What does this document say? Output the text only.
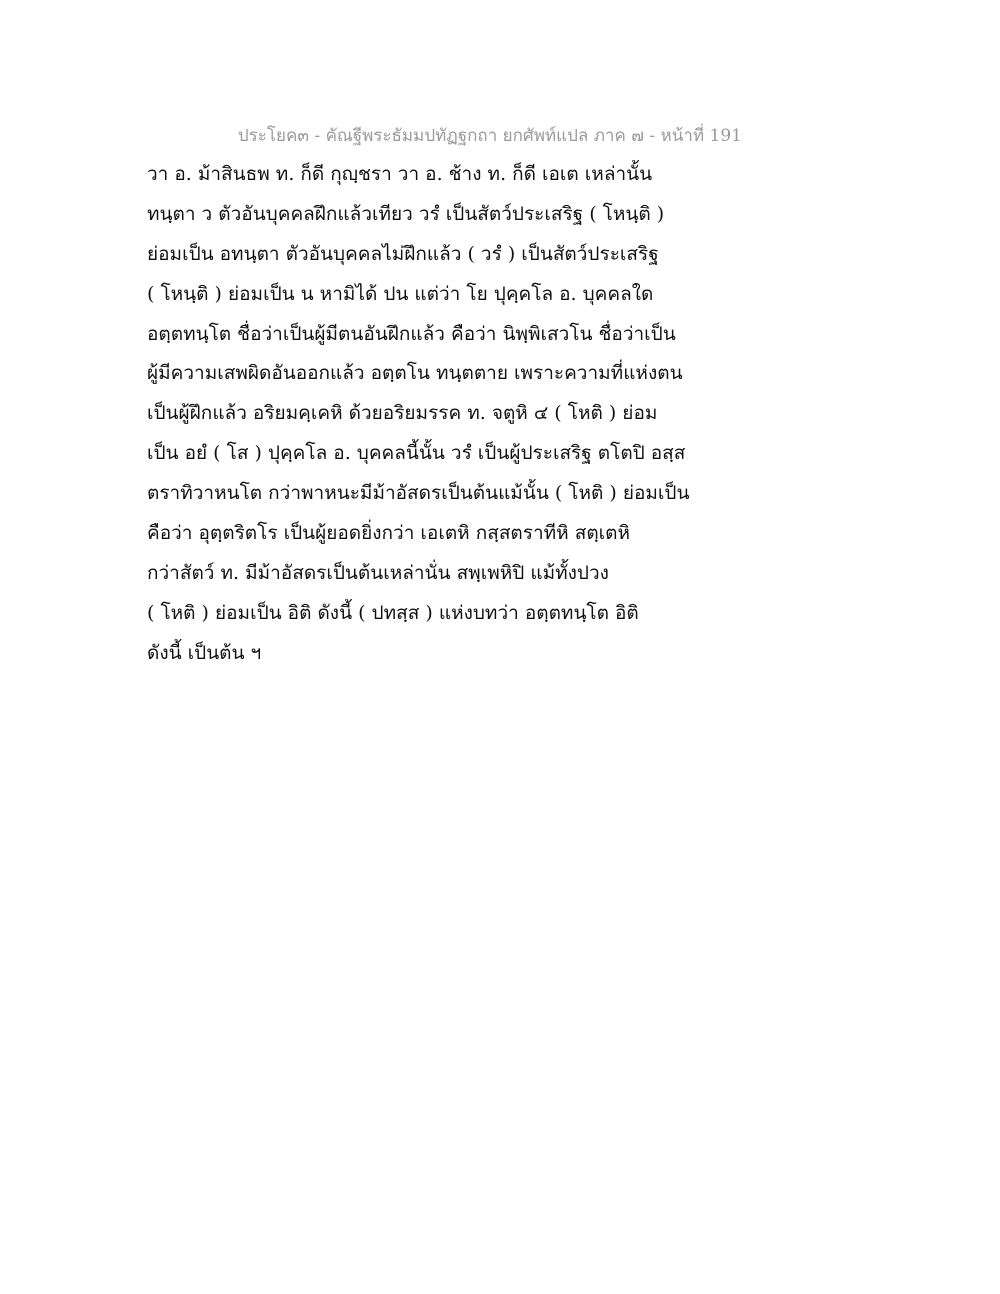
ประโยค๓ - คัณฐีพระธัมมปทัฏฐกถา ยกศัพท์แปล ภาค ๗ - หน้าที่ 191
วา อ. ม้าสินธพ ท. ก็ดี กุญฺชรา วา อ. ช้าง ท. ก็ดี เอเต เหล่านั้น
ทนฺตา ว ตัวอันบุคคลฝึกแล้วเทียว วรํ เป็นสัตว์ประเสริฐ ( โหนฺติ )
ย่อมเป็น อทนฺตา ตัวอันบุคคลไม่ฝึกแล้ว ( วรํ ) เป็นสัตว์ประเสริฐ
( โหนฺติ ) ย่อมเป็น น หามิได้ ปน แต่ว่า โย ปุคฺคโล อ. บุคคลใด
อตฺตทนฺโต ชื่อว่าเป็นผู้มีตนอันฝึกแล้ว คือว่า นิพฺพิเสวโน ชื่อว่าเป็น
ผู้มีความเสพผิดอันออกแล้ว อตฺตโน ทนฺตตาย เพราะความที่แห่งตน
เป็นผู้ฝึกแล้ว อริยมคฺเคหิ ด้วยอริยมรรค ท. จตูหิ ๔ ( โหติ ) ย่อม
เป็น อยํ ( โส ) ปุคฺคโล อ. บุคคลนี้นั้น วรํ เป็นผู้ประเสริฐ ตโตปิ อสฺส
ตราทิวาหนโต กว่าพาหนะมีม้าอัสดรเป็นต้นแม้นั้น ( โหติ ) ย่อมเป็น
คือว่า อุตฺตริตโร เป็นผู้ยอดยิ่งกว่า เอเตหิ กสฺสตราทีหิ สตฺเตหิ
กว่าสัตว์ ท. มีม้าอัสดรเป็นต้นเหล่านั่น สพฺเพหิปิ แม้ทั้งปวง
( โหติ ) ย่อมเป็น อิติ ดังนี้ ( ปทสฺส ) แห่งบทว่า อตฺตทนฺโต อิติ
ดังนี้ เป็นต้น ฯ
